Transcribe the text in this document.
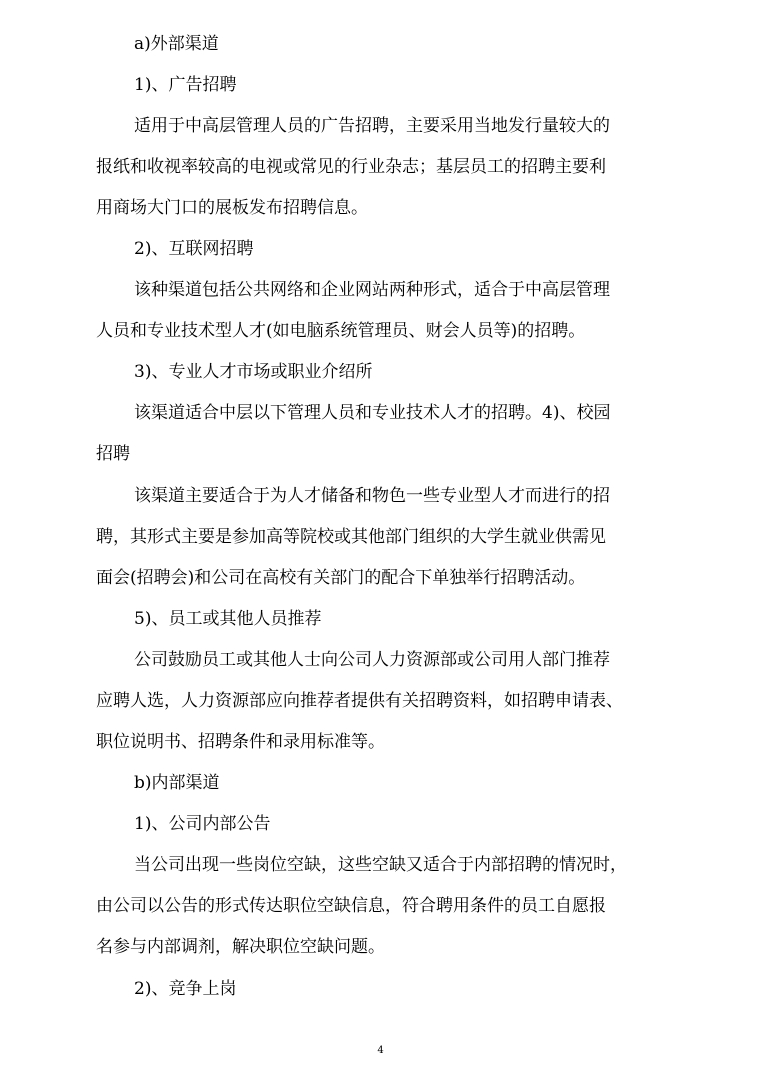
a)外部渠道
1)、广告招聘
适用于中高层管理人员的广告招聘，主要采用当地发行量较大的
报纸和收视率较高的电视或常见的行业杂志；基层员工的招聘主要利
用商场大门口的展板发布招聘信息。
2)、互联网招聘
该种渠道包括公共网络和企业网站两种形式，适合于中高层管理
人员和专业技术型人才(如电脑系统管理员、财会人员等)的招聘。
3)、专业人才市场或职业介绍所
该渠道适合中层以下管理人员和专业技术人才的招聘。4)、校园
招聘
该渠道主要适合于为人才储备和物色一些专业型人才而进行的招
聘，其形式主要是参加高等院校或其他部门组织的大学生就业供需见
面会(招聘会)和公司在高校有关部门的配合下单独举行招聘活动。
5)、员工或其他人员推荐
公司鼓励员工或其他人士向公司人力资源部或公司用人部门推荐
应聘人选，人力资源部应向推荐者提供有关招聘资料，如招聘申请表、
职位说明书、招聘条件和录用标准等。
b)内部渠道
1)、公司内部公告
当公司出现一些岗位空缺，这些空缺又适合于内部招聘的情况时，
由公司以公告的形式传达职位空缺信息，符合聘用条件的员工自愿报
名参与内部调剂，解决职位空缺问题。
2)、竞争上岗
4
